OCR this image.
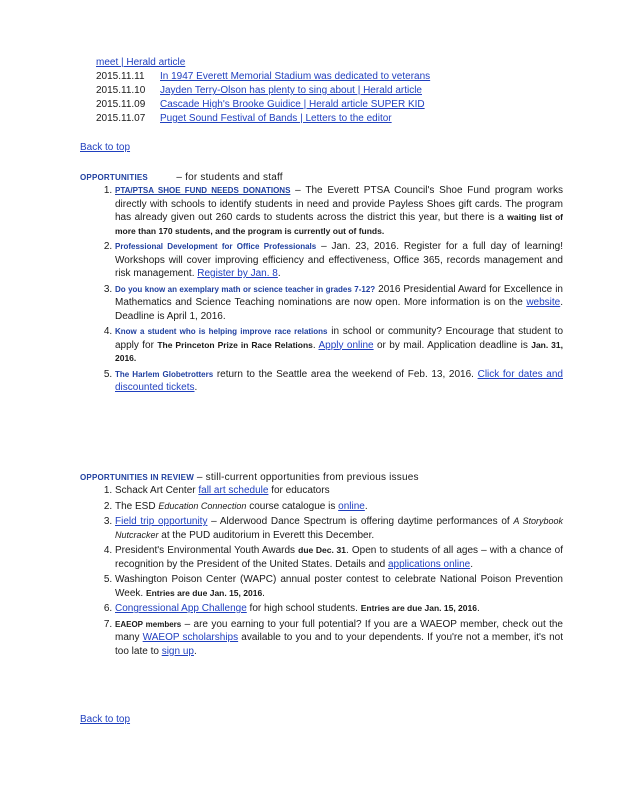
meet | Herald article
2015.11.11	In 1947 Everett Memorial Stadium was dedicated to veterans
2015.11.10	Jayden Terry-Olson has plenty to sing about | Herald article
2015.11.09	Cascade High's Brooke Guidice | Herald article SUPER KID
2015.11.07	Puget Sound Festival of Bands | Letters to the editor
Back to top
OPPORTUNITIES	– for students and staff
1. PTA/PTSA SHOE FUND NEEDS DONATIONS – The Everett PTSA Council's Shoe Fund program works directly with schools to identify students in need and provide Payless Shoes gift cards. The program has already given out 260 cards to students across the district this year, but there is a waiting list of more than 170 students, and the program is currently out of funds.
2. Professional Development for Office Professionals – Jan. 23, 2016. Register for a full day of learning! Workshops will cover improving efficiency and effectiveness, Office 365, records management and risk management. Register by Jan. 8.
3. Do you know an exemplary math or science teacher in grades 7-12? 2016 Presidential Award for Excellence in Mathematics and Science Teaching nominations are now open. More information is on the website. Deadline is April 1, 2016.
4. Know a student who is helping improve race relations in school or community? Encourage that student to apply for The Princeton Prize in Race Relations. Apply online or by mail. Application deadline is Jan. 31, 2016.
5. The Harlem Globetrotters return to the Seattle area the weekend of Feb. 13, 2016. Click for dates and discounted tickets.
OPPORTUNITIES IN REVIEW – still-current opportunities from previous issues
1. Schack Art Center fall art schedule for educators
2. The ESD Education Connection course catalogue is online.
3. Field trip opportunity – Alderwood Dance Spectrum is offering daytime performances of A Storybook Nutcracker at the PUD auditorium in Everett this December.
4. President's Environmental Youth Awards due Dec. 31. Open to students of all ages – with a chance of recognition by the President of the United States. Details and applications online.
5. Washington Poison Center (WAPC) annual poster contest to celebrate National Poison Prevention Week. Entries are due Jan. 15, 2016.
6. Congressional App Challenge for high school students. Entries are due Jan. 15, 2016.
7. EAEOP members – are you earning to your full potential? If you are a WAEOP member, check out the many WAEOP scholarships available to you and to your dependents. If you're not a member, it's not too late to sign up.
Back to top
